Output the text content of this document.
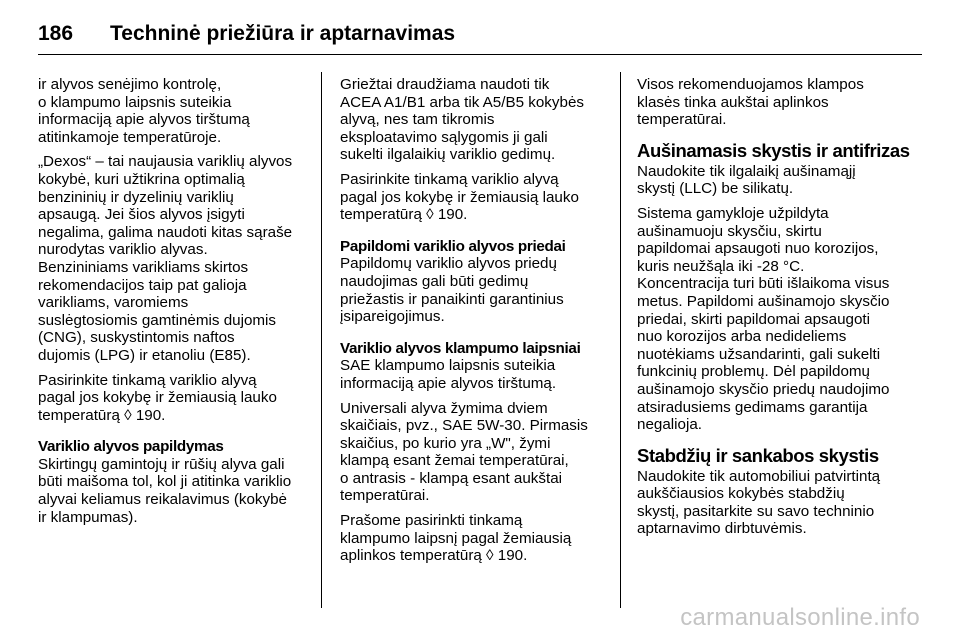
186	Techninė priežiūra ir aptarnavimas

ir alyvos senėjimo kontrolę,
o klampumo laipsnis suteikia
informaciją apie alyvos tirštumą
atitinkamoje temperatūroje.

„Dexos“ – tai naujausia variklių alyvos
kokybė, kuri užtikrina optimalią
benzininių ir dyzelinių variklių
apsaugą. Jei šios alyvos įsigyti
negalima, galima naudoti kitas sąraše
nurodytas variklio alyvas.
Benzininiams varikliams skirtos
rekomendacijos taip pat galioja
varikliams, varomiems
suslėgtosiomis gamtinėmis dujomis
(CNG), suskystintomis naftos
dujomis (LPG) ir etanoliu (E85).

Pasirinkite tinkamą variklio alyvą
pagal jos kokybę ir žemiausią lauko
temperatūrą ◊ 190.

Variklio alyvos papildymas

Skirtingų gamintojų ir rūšių alyva gali
būti maišoma tol, kol ji atitinka variklio
alyvai keliamus reikalavimus (kokybė
ir klampumas).

Griežtai draudžiama naudoti tik
ACEA A1/B1 arba tik A5/B5 kokybės
alyvą, nes tam tikromis
eksploatavimo sąlygomis ji gali
sukelti ilgalaikių variklio gedimų.

Pasirinkite tinkamą variklio alyvą
pagal jos kokybę ir žemiausią lauko
temperatūrą ◊ 190.

Papildomi variklio alyvos priedai

Papildomų variklio alyvos priedų
naudojimas gali būti gedimų
priežastis ir panaikinti garantinius
įsipareigojimus.

Variklio alyvos klampumo laipsniai

SAE klampumo laipsnis suteikia
informaciją apie alyvos tirštumą.

Universali alyva žymima dviem
skaičiais, pvz., SAE 5W-30. Pirmasis
skaičius, po kurio yra „W", žymi
klampą esant žemai temperatūrai,
o antrasis - klampą esant aukštai
temperatūrai.

Prašome pasirinkti tinkamą
klampumo laipsnį pagal žemiausią
aplinkos temperatūrą ◊ 190.

Visos rekomenduojamos klampos
klasės tinka aukštai aplinkos
temperatūrai.

Aušinamasis skystis ir antifrizas

Naudokite tik ilgalaikį aušinamąjį
skystį (LLC) be silikatų.

Sistema gamykloje užpildyta
aušinamuoju skysčiu, skirtu
papildomai apsaugoti nuo korozijos,
kuris neužšąla iki -28 °C.
Koncentracija turi būti išlaikoma visus
metus. Papildomi aušinamojo skysčio
priedai, skirti papildomai apsaugoti
nuo korozijos arba nedideliems
nuotėkiams užsandarinti, gali sukelti
funkcinių problemų. Dėl papildomų
aušinamojo skysčio priedų naudojimo
atsiradusiems gedimams garantija
negalioja.

Stabdžių ir sankabos skystis

Naudokite tik automobiliui patvirtintą
aukščiausios kokybės stabdžių
skystį, pasitarkite su savo techninio
aptarnavimo dirbtuvėmis.

carmanualsonline.info
